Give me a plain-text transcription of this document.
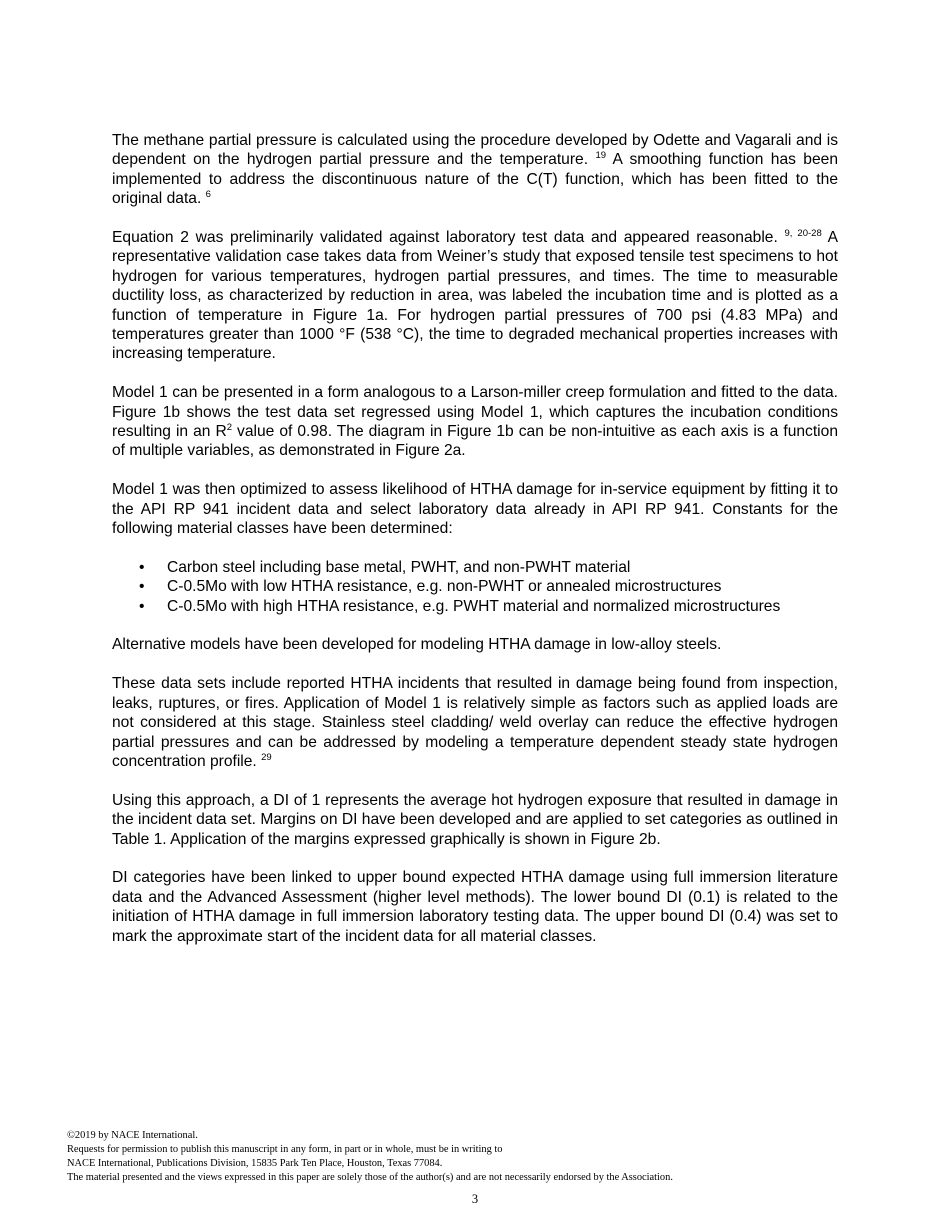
The methane partial pressure is calculated using the procedure developed by Odette and Vagarali and is dependent on the hydrogen partial pressure and the temperature. $^{19}$ A smoothing function has been implemented to address the discontinuous nature of the C(T) function, which has been fitted to the original data. $^6$

Equation 2 was preliminarily validated against laboratory test data and appeared reasonable. $^{9, 20-28}$ A representative validation case takes data from Weiner’s study that exposed tensile test specimens to hot hydrogen for various temperatures, hydrogen partial pressures, and times. The time to measurable ductility loss, as characterized by reduction in area, was labeled the incubation time and is plotted as a function of temperature in Figure 1a. For hydrogen partial pressures of 700 psi (4.83 MPa) and temperatures greater than 1000 °F (538 °C), the time to degraded mechanical properties increases with increasing temperature.

Model 1 can be presented in a form analogous to a Larson-miller creep formulation and fitted to the data. Figure 1b shows the test data set regressed using Model 1, which captures the incubation conditions resulting in an $R^2$ value of 0.98. The diagram in Figure 1b can be non-intuitive as each axis is a function of multiple variables, as demonstrated in Figure 2a.

Model 1 was then optimized to assess likelihood of HTHA damage for in-service equipment by fitting it to the API RP 941 incident data and select laboratory data already in API RP 941. Constants for the following material classes have been determined:

• Carbon steel including base metal, PWHT, and non-PWHT material
• C-0.5Mo with low HTHA resistance, e.g. non-PWHT or annealed microstructures
• C-0.5Mo with high HTHA resistance, e.g. PWHT material and normalized microstructures

Alternative models have been developed for modeling HTHA damage in low-alloy steels.

These data sets include reported HTHA incidents that resulted in damage being found from inspection, leaks, ruptures, or fires. Application of Model 1 is relatively simple as factors such as applied loads are not considered at this stage. Stainless steel cladding/ weld overlay can reduce the effective hydrogen partial pressures and can be addressed by modeling a temperature dependent steady state hydrogen concentration profile. $^{29}$

Using this approach, a DI of 1 represents the average hot hydrogen exposure that resulted in damage in the incident data set. Margins on DI have been developed and are applied to set categories as outlined in Table 1. Application of the margins expressed graphically is shown in Figure 2b.

DI categories have been linked to upper bound expected HTHA damage using full immersion literature data and the Advanced Assessment (higher level methods). The lower bound DI (0.1) is related to the initiation of HTHA damage in full immersion laboratory testing data. The upper bound DI (0.4) was set to mark the approximate start of the incident data for all material classes.

©2019 by NACE International.
Requests for permission to publish this manuscript in any form, in part or in whole, must be in writing to
NACE International, Publications Division, 15835 Park Ten Place, Houston, Texas 77084.
The material presented and the views expressed in this paper are solely those of the author(s) and are not necessarily endorsed by the Association.
3
